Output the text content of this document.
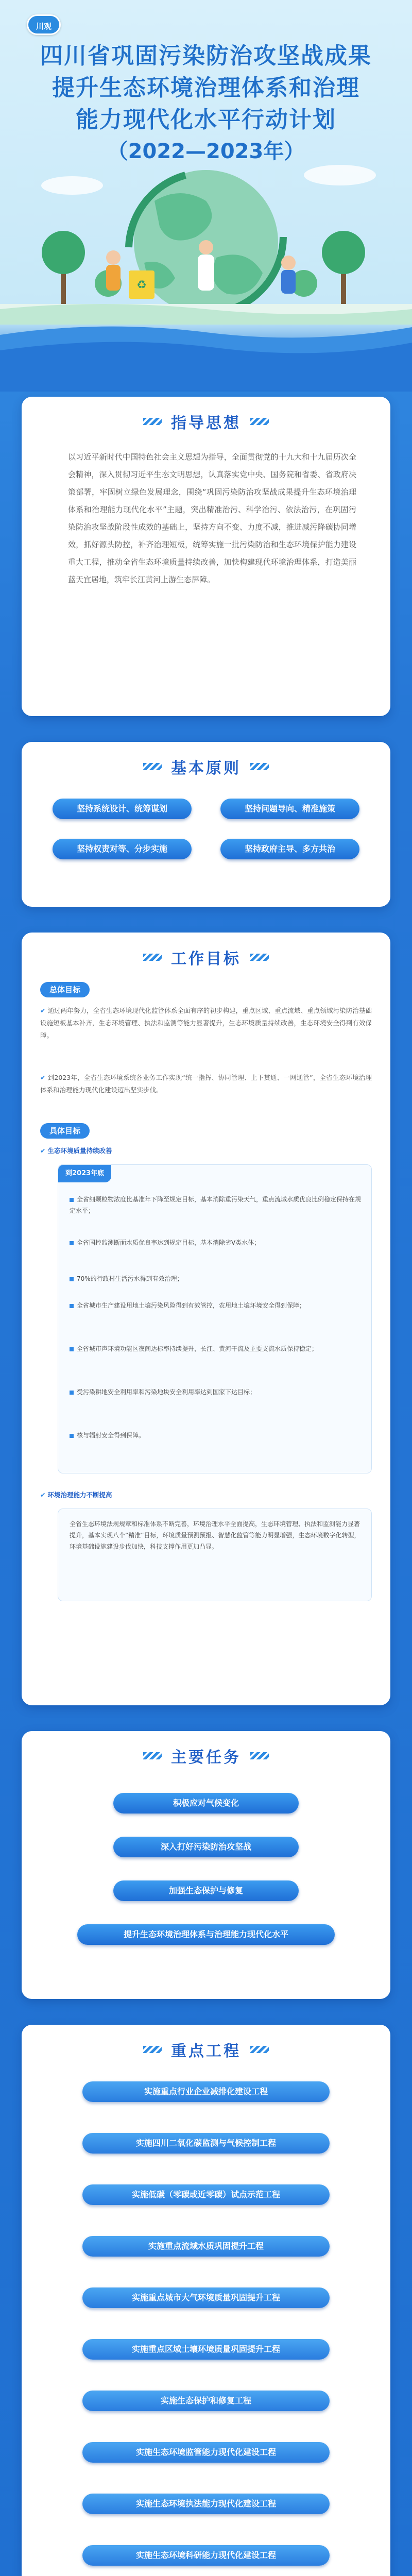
川观
四川省巩固污染防治攻坚战成果
提升生态环境治理体系和治理
能力现代化水平行动计划
（2022—2023年）
♻
指导思想
以习近平新时代中国特色社会主义思想为指导，全面贯彻党的十九大和十九届历次全会精神，深入贯彻习近平生态文明思想，认真落实党中央、国务院和省委、省政府决策部署，牢固树立绿色发展理念，围绕“巩固污染防治攻坚战成果提升生态环境治理体系和治理能力现代化水平”主题，突出精准治污、科学治污、依法治污，在巩固污染防治攻坚战阶段性成效的基础上，坚持方向不变、力度不减，推进减污降碳协同增效，抓好源头防控，补齐治理短板，统筹实施一批污染防治和生态环境保护能力建设重大工程，推动全省生态环境质量持续改善，加快构建现代环境治理体系，打造美丽蓝天宜居地，筑牢长江黄河上游生态屏障。
基本原则
坚持系统设计、统筹谋划	坚持问题导向、精准施策
坚持权责对等、分步实施	坚持政府主导、多方共治
工作目标
总体目标
✔ 通过两年努力，全省生态环境现代化监管体系全面有序的初步构建，重点区域、重点流域、重点领域污染防治基础设施短板基本补齐，生态环境管理、执法和监测等能力显著提升，生态环境质量持续改善，生态环境安全得到有效保障。
✔ 到2023年，全省生态环境系统各业务工作实现“统一指挥、协同管理、上下贯通、一网通管”，全省生态环境治理体系和治理能力现代化建设迈出坚实步伐。
具体目标
✔ 生态环境质量持续改善
到2023年底
全省细颗粒物浓度比基准年下降至规定目标，基本消除重污染天气，重点流域水质优良比例稳定保持在规定水平；
全省国控监测断面水质优良率达到规定目标，基本消除劣V类水体；
70%的行政村生活污水得到有效治理；
全省城市生产建设用地土壤污染风险得到有效管控，农用地土壤环境安全得到保障；
全省城市声环境功能区夜间达标率持续提升，长江、黄河干流及主要支流水质保持稳定；
受污染耕地安全利用率和污染地块安全利用率达到国家下达目标；
核与辐射安全得到保障。
✔ 环境治理能力不断提高
全省生态环境法规规章和标准体系不断完善，环境治理水平全面提高，生态环境管理、执法和监测能力显著提升，基本实现八个“精准”目标，环境质量预测预报、智慧化监管等能力明显增强，生态环境数字化转型，环境基础设施建设步伐加快，科技支撑作用更加凸显。
主要任务
积极应对气候变化
深入打好污染防治攻坚战
加强生态保护与修复
提升生态环境治理体系与治理能力现代化水平
重点工程
实施重点行业企业减排化建设工程
实施四川二氧化碳监测与气候控制工程
实施低碳（零碳或近零碳）试点示范工程
实施重点流域水质巩固提升工程
实施重点城市大气环境质量巩固提升工程
实施重点区域土壤环境质量巩固提升工程
实施生态保护和修复工程
实施生态环境监管能力现代化建设工程
实施生态环境执法能力现代化建设工程
实施生态环境科研能力现代化建设工程
